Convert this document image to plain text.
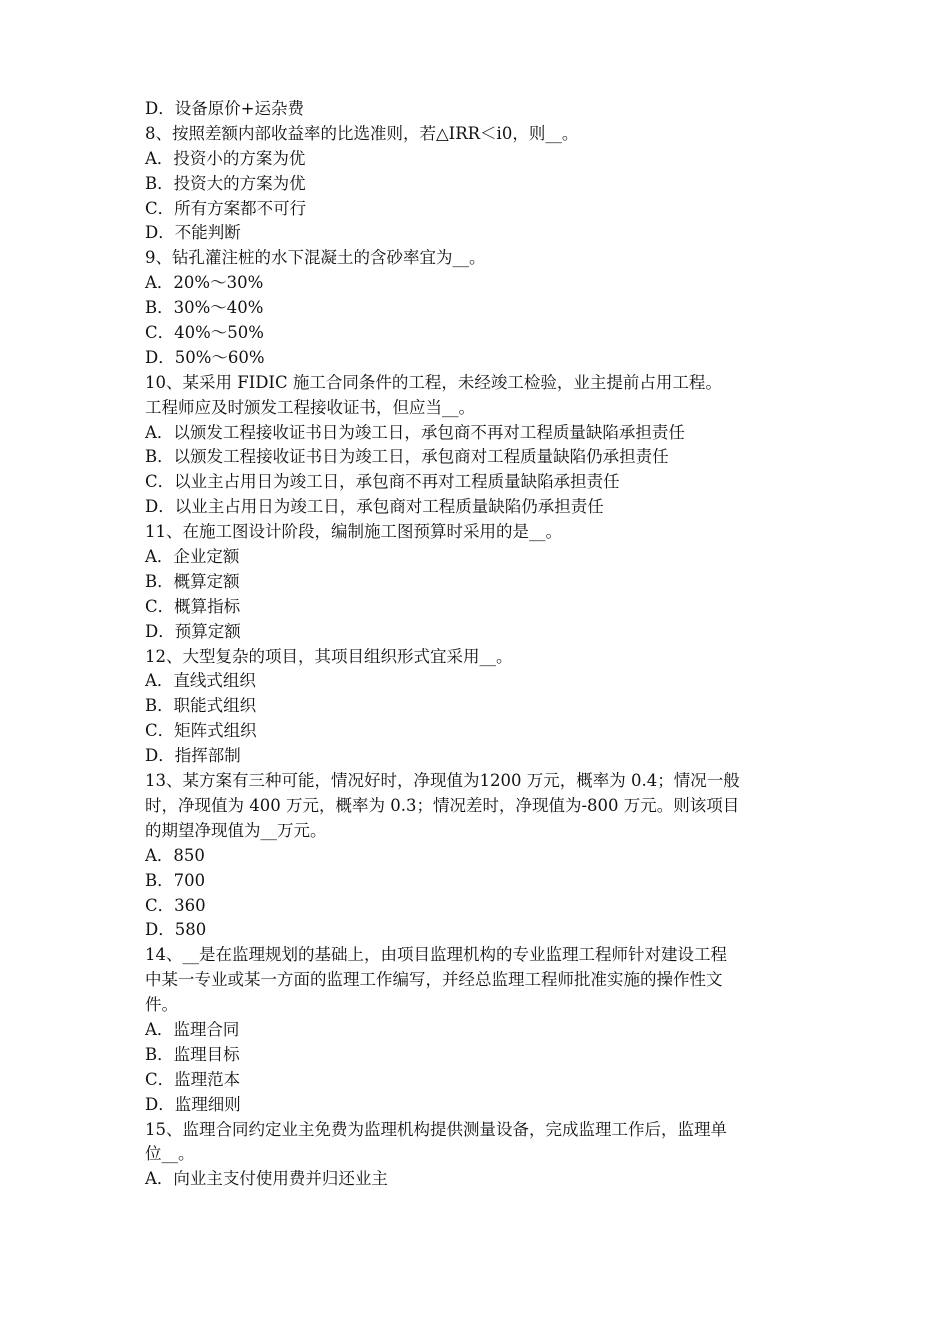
D．设备原价+运杂费
8、按照差额内部收益率的比选准则，若△IRR＜i0，则__。
A．投资小的方案为优
B．投资大的方案为优
C．所有方案都不可行
D．不能判断
9、钻孔灌注桩的水下混凝土的含砂率宜为__。
A．20%～30%
B．30%～40%
C．40%～50%
D．50%～60%
10、某采用 FIDIC 施工合同条件的工程，未经竣工检验，业主提前占用工程。
工程师应及时颁发工程接收证书，但应当__。
A．以颁发工程接收证书日为竣工日，承包商不再对工程质量缺陷承担责任
B．以颁发工程接收证书日为竣工日，承包商对工程质量缺陷仍承担责任
C．以业主占用日为竣工日，承包商不再对工程质量缺陷承担责任
D．以业主占用日为竣工日，承包商对工程质量缺陷仍承担责任
11、在施工图设计阶段，编制施工图预算时采用的是__。
A．企业定额
B．概算定额
C．概算指标
D．预算定额
12、大型复杂的项目，其项目组织形式宜采用__。
A．直线式组织
B．职能式组织
C．矩阵式组织
D．指挥部制
13、某方案有三种可能，情况好时，净现值为1200 万元，概率为 0.4；情况一般
时，净现值为 400 万元，概率为 0.3；情况差时，净现值为-800 万元。则该项目
的期望净现值为__万元。
A．850
B．700
C．360
D．580
14、__是在监理规划的基础上，由项目监理机构的专业监理工程师针对建设工程
中某一专业或某一方面的监理工作编写，并经总监理工程师批准实施的操作性文
件。
A．监理合同
B．监理目标
C．监理范本
D．监理细则
15、监理合同约定业主免费为监理机构提供测量设备，完成监理工作后，监理单
位__。
A．向业主支付使用费并归还业主
